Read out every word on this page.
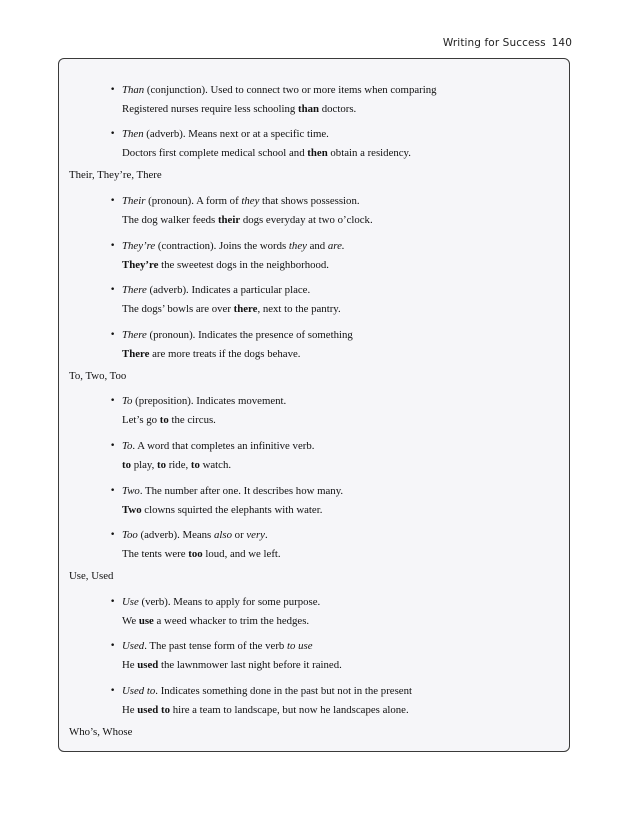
Writing for Success 140
• Than (conjunction). Used to connect two or more items when comparing
Registered nurses require less schooling than doctors.
• Then (adverb). Means next or at a specific time.
Doctors first complete medical school and then obtain a residency.
Their, They’re, There
• Their (pronoun). A form of they that shows possession.
The dog walker feeds their dogs everyday at two o’clock.
• They’re (contraction). Joins the words they and are.
They’re the sweetest dogs in the neighborhood.
• There (adverb). Indicates a particular place.
The dogs’ bowls are over there, next to the pantry.
• There (pronoun). Indicates the presence of something
There are more treats if the dogs behave.
To, Two, Too
• To (preposition). Indicates movement.
Let’s go to the circus.
• To. A word that completes an infinitive verb.
to play, to ride, to watch.
• Two. The number after one. It describes how many.
Two clowns squirted the elephants with water.
• Too (adverb). Means also or very.
The tents were too loud, and we left.
Use, Used
• Use (verb). Means to apply for some purpose.
We use a weed whacker to trim the hedges.
• Used. The past tense form of the verb to use
He used the lawnmower last night before it rained.
• Used to. Indicates something done in the past but not in the present
He used to hire a team to landscape, but now he landscapes alone.
Who’s, Whose
